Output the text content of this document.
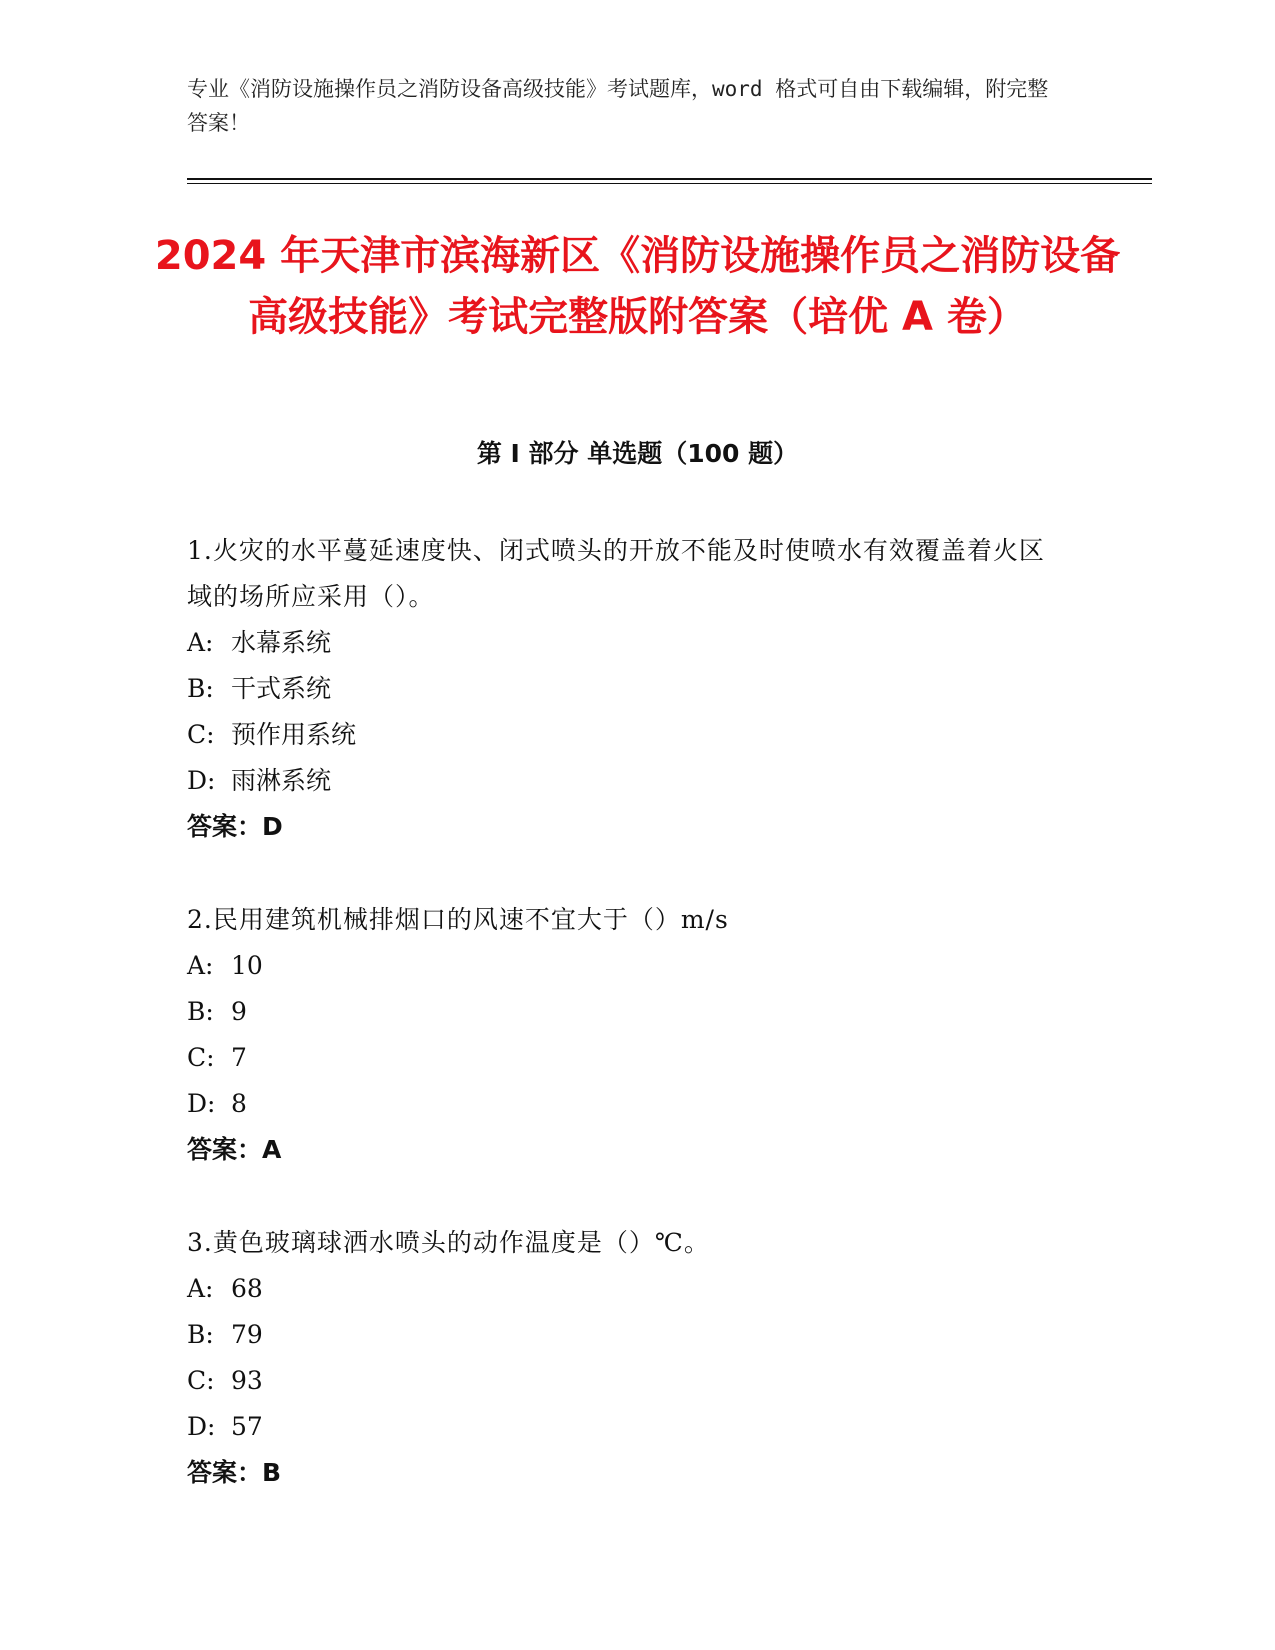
专业《消防设施操作员之消防设备高级技能》考试题库，word 格式可自由下载编辑，附完整答案！
2024 年天津市滨海新区《消防设施操作员之消防设备高级技能》考试完整版附答案（培优 A 卷）
第 I 部分 单选题（100 题）
1.火灾的水平蔓延速度快、闭式喷头的开放不能及时使喷水有效覆盖着火区域的场所应采用（）。
A: 水幕系统
B: 干式系统
C: 预作用系统
D: 雨淋系统
答案：D
2.民用建筑机械排烟口的风速不宜大于（）m/s
A: 10
B: 9
C: 7
D: 8
答案：A
3.黄色玻璃球洒水喷头的动作温度是（）℃。
A: 68
B: 79
C: 93
D: 57
答案：B
